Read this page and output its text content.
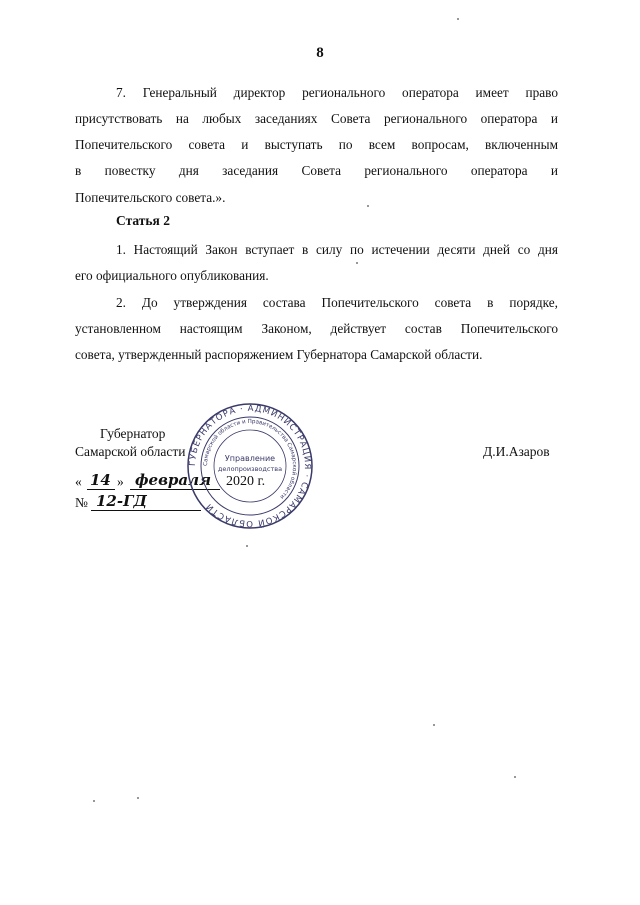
8
7. Генеральный директор регионального оператора имеет право
присутствовать на любых заседаниях Совета регионального оператора и
Попечительского совета и выступать по всем вопросам, включенным
в повестку дня заседания Совета регионального оператора и
Попечительского совета.».
Статья 2
1. Настоящий Закон вступает в силу по истечении десяти дней со дня
его официального опубликования.
2. До утверждения состава Попечительского совета в порядке,
установленном настоящим Законом, действует состав Попечительского
совета, утвержденный распоряжением Губернатора Самарской области.
Губернатор
Самарской области	Д.И.Азаров
« 14 » февраля 2020 г.
№ 12-ГД
ГУБЕРНАТОРА · АДМИНИСТРАЦИЯ · САМАРСКОЙ ОБЛАСТИ
Самарской области и Правительства Самарской области
Управление
делопроизводства
